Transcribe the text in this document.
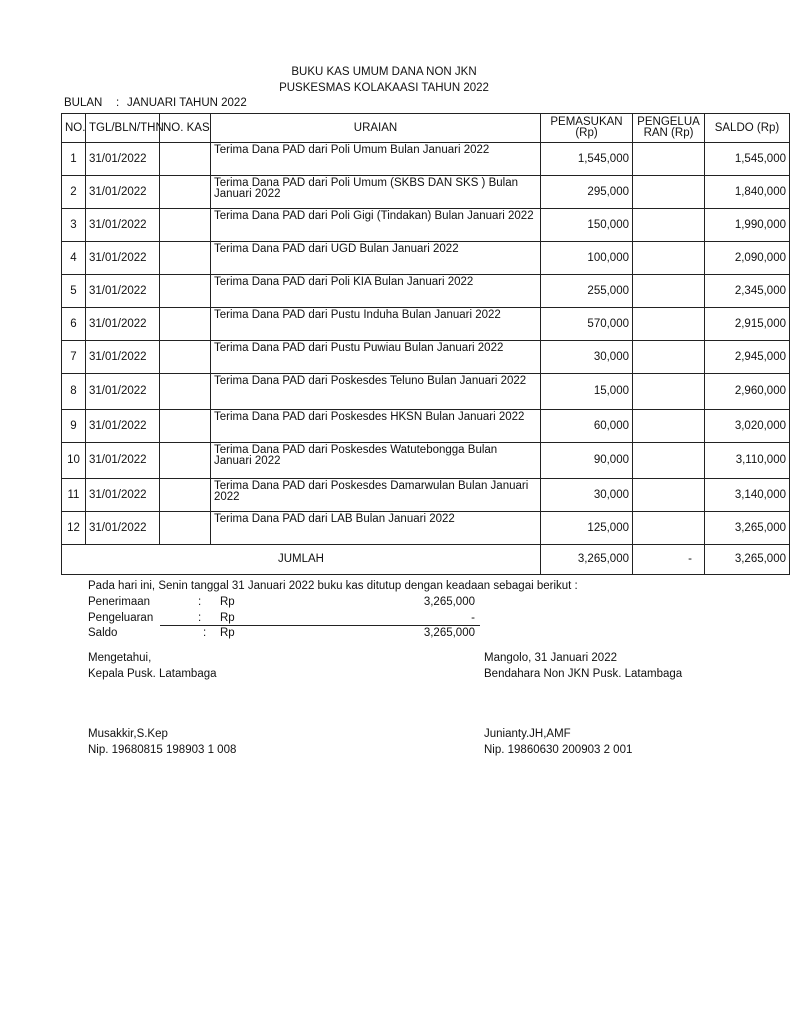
BUKU KAS UMUM DANA NON JKN
PUSKESMAS KOLAKAASI TAHUN 2022
BULAN : JANUARI TAHUN 2022
NO.	TGL/BLN/THN	NO. KAS	URAIAN	PEMASUKAN (Rp)	PENGELUA RAN (Rp)	SALDO (Rp)
1	31/01/2022		Terima Dana PAD dari Poli Umum Bulan Januari 2022	1,545,000		1,545,000
2	31/01/2022		Terima Dana PAD dari Poli Umum (SKBS DAN SKS ) Bulan Januari 2022	295,000		1,840,000
3	31/01/2022		Terima Dana PAD dari Poli Gigi (Tindakan) Bulan Januari 2022	150,000		1,990,000
4	31/01/2022		Terima Dana PAD dari UGD Bulan Januari 2022	100,000		2,090,000
5	31/01/2022		Terima Dana PAD dari Poli KIA Bulan Januari 2022	255,000		2,345,000
6	31/01/2022		Terima Dana PAD dari Pustu Induha Bulan Januari 2022	570,000		2,915,000
7	31/01/2022		Terima Dana PAD dari Pustu Puwiau Bulan Januari 2022	30,000		2,945,000
8	31/01/2022		Terima Dana PAD dari Poskesdes Teluno Bulan Januari 2022	15,000		2,960,000
9	31/01/2022		Terima Dana PAD dari Poskesdes HKSN Bulan Januari 2022	60,000		3,020,000
10	31/01/2022		Terima Dana PAD dari Poskesdes Watutebongga Bulan Januari 2022	90,000		3,110,000
11	31/01/2022		Terima Dana PAD dari Poskesdes Damarwulan Bulan Januari 2022	30,000		3,140,000
12	31/01/2022		Terima Dana PAD dari LAB Bulan Januari 2022	125,000		3,265,000
JUMLAH				3,265,000	-	3,265,000
Pada hari ini, Senin tanggal 31 Januari 2022 buku kas ditutup dengan keadaan sebagai berikut :
Penerimaan	: Rp	3,265,000
Pengeluaran	: Rp	-
Saldo	: Rp	3,265,000
Mengetahui,
Kepala Pusk. Latambaga
Musakkir,S.Kep
Nip. 19680815 198903 1 008
Mangolo, 31 Januari 2022
Bendahara Non JKN Pusk. Latambaga
Junianty.JH,AMF
Nip. 19860630 200903 2 001
